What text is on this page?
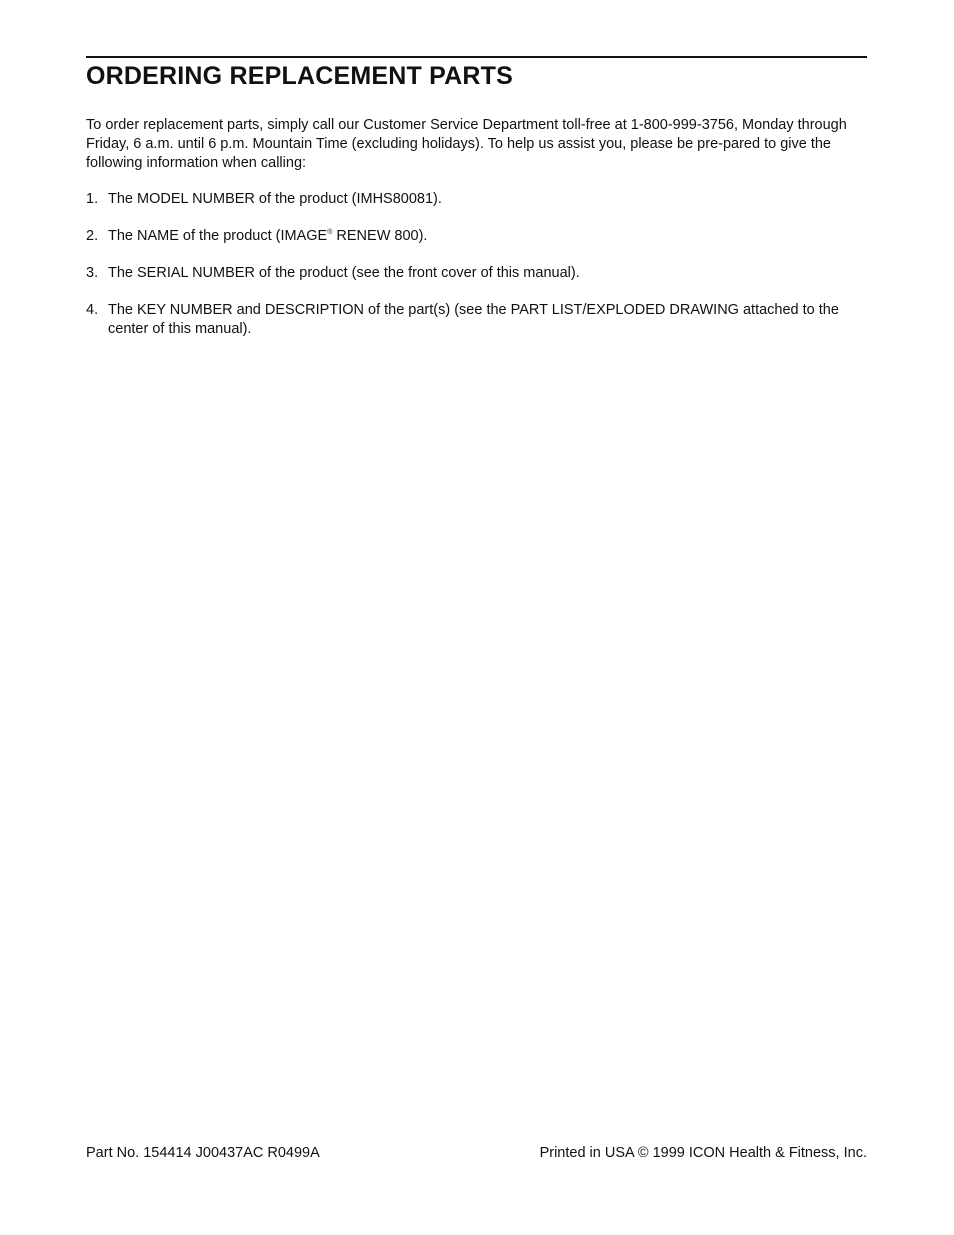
ORDERING REPLACEMENT PARTS

To order replacement parts, simply call our Customer Service Department toll-free at 1-800-999-3756, Monday through Friday, 6 a.m. until 6 p.m. Mountain Time (excluding holidays). To help us assist you, please be pre-pared to give the following information when calling:

1. The MODEL NUMBER of the product (IMHS80081).
2. The NAME of the product (IMAGE® RENEW 800).
3. The SERIAL NUMBER of the product (see the front cover of this manual).
4. The KEY NUMBER and DESCRIPTION of the part(s) (see the PART LIST/EXPLODED DRAWING attached to the center of this manual).
Part No. 154414 J00437AC R0499A	Printed in USA © 1999 ICON Health & Fitness, Inc.
